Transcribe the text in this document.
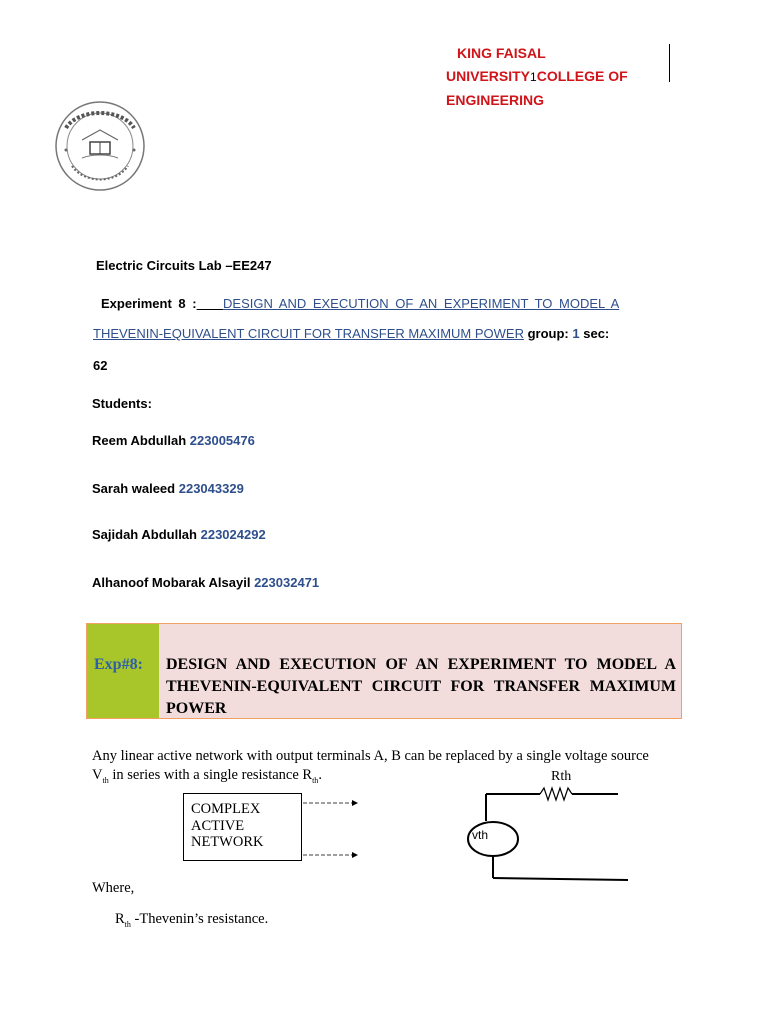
KING FAISAL
UNIVERSITY1COLLEGE OF
ENGINEERING
Electric Circuits Lab –EE247
Experiment 8 : DESIGN AND EXECUTION OF AN EXPERIMENT TO MODEL A
THEVENIN-EQUIVALENT CIRCUIT FOR TRANSFER MAXIMUM POWER group: 1 sec:
62
Students:
Reem Abdullah 223005476
Sarah waleed 223043329
Sajidah Abdullah 223024292
Alhanoof Mobarak Alsayil 223032471
Exp#8: DESIGN AND EXECUTION OF AN EXPERIMENT TO MODEL A THEVENIN-EQUIVALENT CIRCUIT FOR TRANSFER MAXIMUM POWER
Any linear active network with output terminals A, B can be replaced by a single voltage source $V_{th}$ in series with a single resistance $R_{th}$.
COMPLEX
ACTIVE
NETWORK
Rth
vth
Where,
$R_{th}$ -Thevenin’s resistance.
